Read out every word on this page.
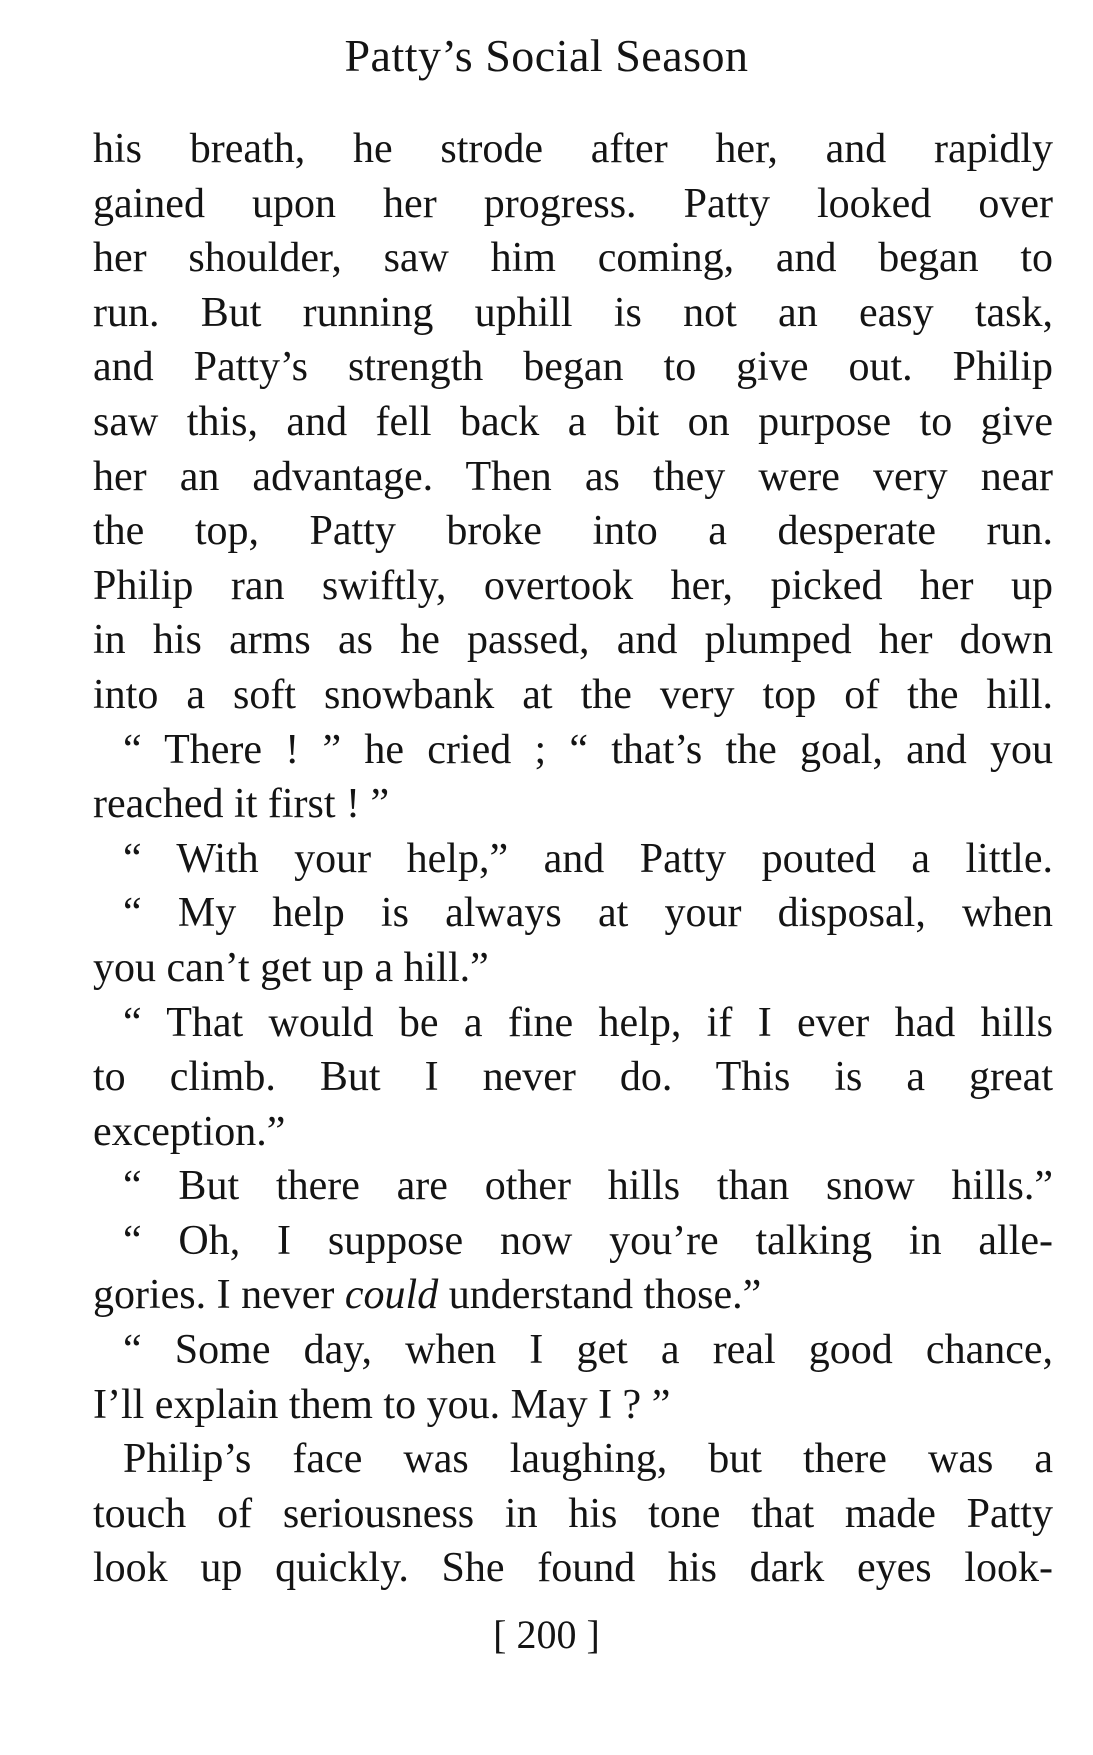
Patty’s Social Season
his breath, he strode after her, and rapidly
gained upon her progress. Patty looked over
her shoulder, saw him coming, and began to
run. But running uphill is not an easy task,
and Patty’s strength began to give out. Philip
saw this, and fell back a bit on purpose to give
her an advantage. Then as they were very near
the top, Patty broke into a desperate run.
Philip ran swiftly, overtook her, picked her up
in his arms as he passed, and plumped her down
into a soft snowbank at the very top of the hill.
“ There ! ” he cried ; “ that’s the goal, and you
reached it first ! ”
“ With your help,” and Patty pouted a little.
“ My help is always at your disposal, when
you can’t get up a hill.”
“ That would be a fine help, if I ever had hills
to climb. But I never do. This is a great
exception.”
“ But there are other hills than snow hills.”
“ Oh, I suppose now you’re talking in alle-
gories. I never could understand those.”
“ Some day, when I get a real good chance,
I’ll explain them to you. May I ? ”
Philip’s face was laughing, but there was a
touch of seriousness in his tone that made Patty
look up quickly. She found his dark eyes look-
[ 200 ]
